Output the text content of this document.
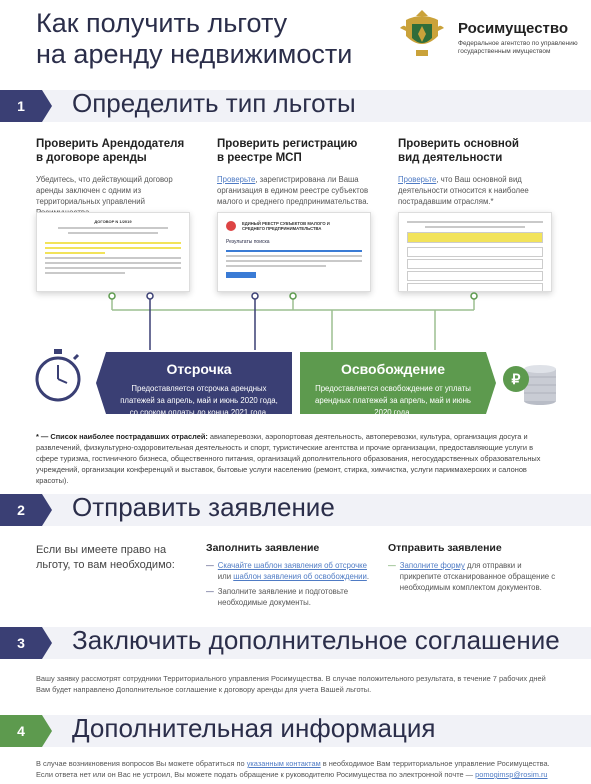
Как получить льготу
на аренду недвижимости
Росимущество
Федеральное агентство по управлению государственным имуществом
1	Определить тип льготы
Проверить Арендодателя
в договоре аренды
Убедитесь, что действующий договор аренды заключен с одним из территориальных управлений
Проверить регистрацию
в реестре МСП
Проверьте, зарегистрирована ли Ваша организация в едином реестре субъектов малого и среднего предпринимательства.
Проверить основной
вид деятельности
Проверьте, что Ваш основной вид деятельности относится к наиболее пострадавшим отраслям.*
ДОГОВОР N 1/2019	ЕДИНЫЙ РЕЕСТР СУБЪЕКТОВ МАЛОГО И СРЕДНЕГО ПРЕДПРИНИМАТЕЛЬСТВА
Результаты поиска
Отсрочка
Предоставляется отсрочка арендных платежей за апрель, май и июнь 2020 года, со сроком оплаты до конца 2021 года.
Освобождение
Предоставляется освобождение от уплаты арендных платежей за апрель, май и июнь 2020 года.
₽
* — Список наиболее пострадавших отраслей: авиаперевозки, аэропортовая деятельность, автоперевозки, культура, организация досуга и развлечений, физкультурно-оздоровительная деятельность и спорт, туристические агентства и прочие организации, предоставляющие услуги в сфере туризма, гостиничного бизнеса, общественного питания, организаций дополнительного образования, негосударственных образовательных учреждений, организации конференций и выставок, бытовые услуги населению (ремонт, стирка, химчистка, услуги парикмахерских и салонов красоты).
2	Отправить заявление
Если вы имеете право на льготу, то вам необходимо:
Заполнить заявление
— Скачайте шаблон заявления об отсрочке или шаблон заявления об освобождении.
— Заполните заявление и подготовьте необходимые документы.
Отправить заявление
— Заполните форму для отправки и прикрепите отсканированное обращение с необходимым комплектом документов.
3	Заключить дополнительное соглашение
Вашу заявку рассмотрят сотрудники Территориального управления Росимущества. В случае положительного результата, в течение 7 рабочих дней Вам будет направлено Дополнительное соглашение к договору аренды для учета Вашей льготы.
4	Дополнительная информация
В случае возникновения вопросов Вы можете обратиться по указанным контактам в необходимое Вам территориальное управление Росимущества.
Если ответа нет или он Вас не устроил, Вы можете подать обращение к руководителю Росимущества по электронной почте — pomogimsp@rosim.ru
